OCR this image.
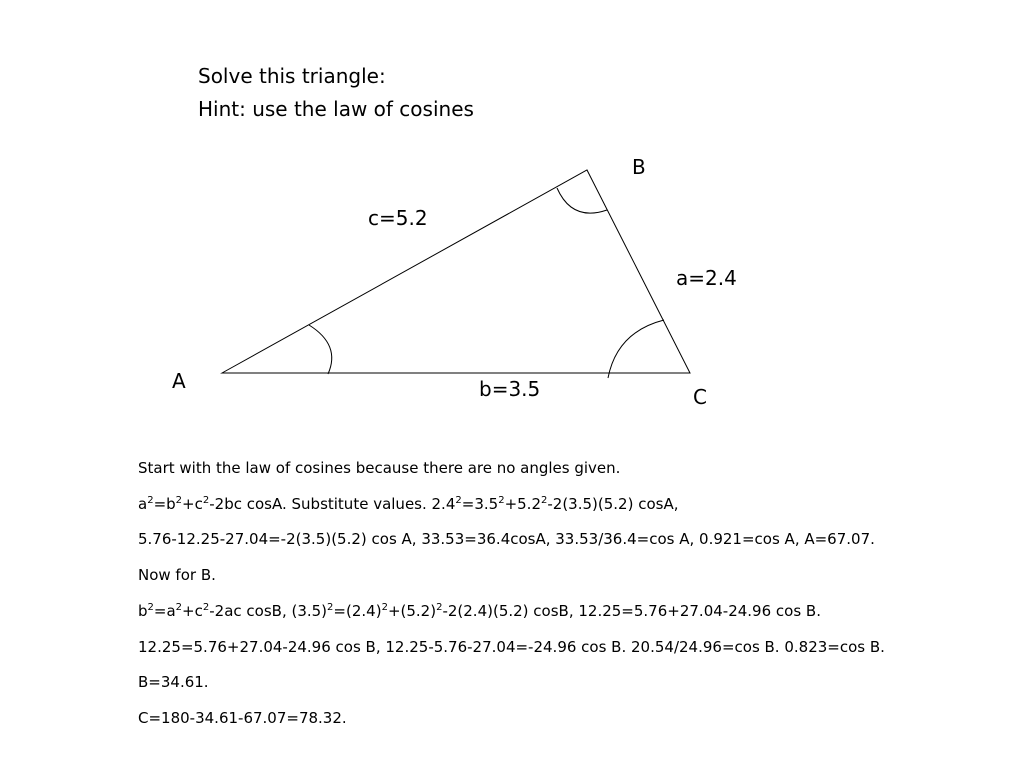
Solve this triangle:
Hint: use the law of cosines
A
B
C
c=5.2
a=2.4
b=3.5
Start with the law of cosines because there are no angles given.
$a^2=b^2+c^2-2bc$ cosA. Substitute values. $2.4^2=3.5^2+5.2^2-2(3.5)(5.2)$ cosA,
5.76-12.25-27.04=-2(3.5)(5.2) cos A, 33.53=36.4cosA, 33.53/36.4=cos A, 0.921=cos A, A=67.07.
Now for B.
$b^2=a^2+c^2-2ac$ cosB, $(3.5)^2=(2.4)^2+(5.2)^2-2(2.4)(5.2)$ cosB, 12.25=5.76+27.04-24.96 cos B.
12.25=5.76+27.04-24.96 cos B, 12.25-5.76-27.04=-24.96 cos B. 20.54/24.96=cos B. 0.823=cos B.
B=34.61.
C=180-34.61-67.07=78.32.
